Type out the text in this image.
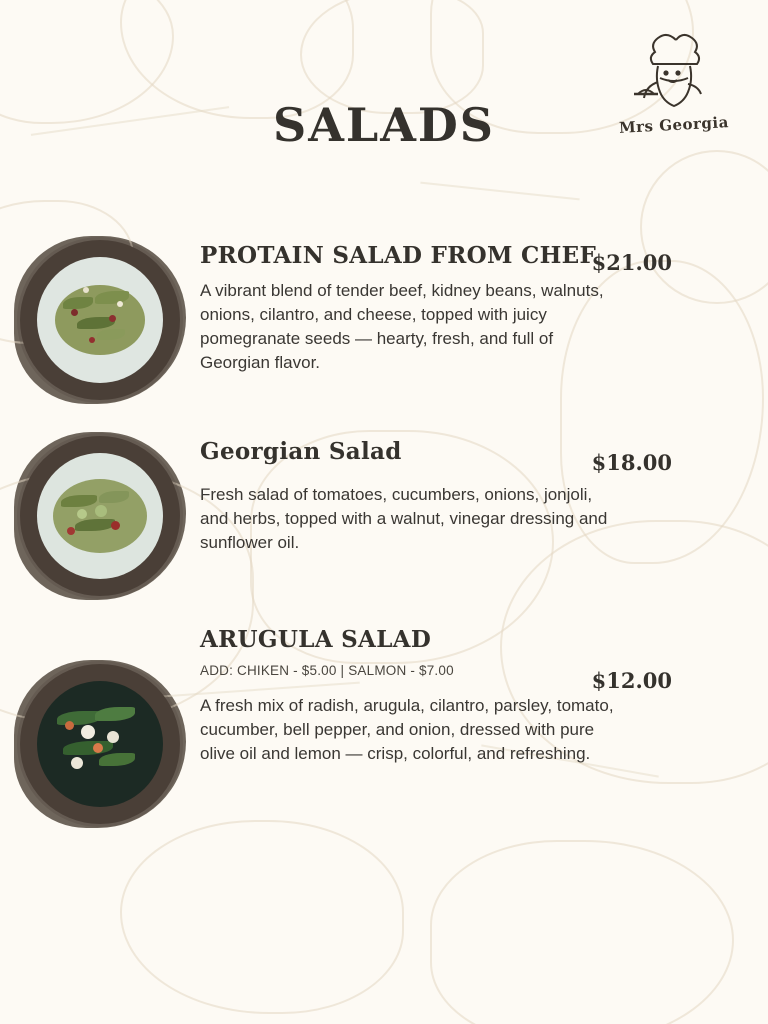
Mrs Georgia
SALADS
PROTAIN SALAD FROM CHEF

A vibrant blend of tender beef, kidney beans, walnuts, onions, cilantro, and cheese, topped with juicy pomegranate seeds — hearty, fresh, and full of Georgian flavor.

$21.00
Georgian Salad

Fresh salad of tomatoes, cucumbers, onions, jonjoli, and herbs, topped with a walnut, vinegar dressing and sunflower oil.

$18.00
ARUGULA SALAD

ADD: CHIKEN - $5.00 | SALMON - $7.00

A fresh mix of radish, arugula, cilantro, parsley, tomato, cucumber, bell pepper, and onion, dressed with pure olive oil and lemon — crisp, colorful, and refreshing.

$12.00
